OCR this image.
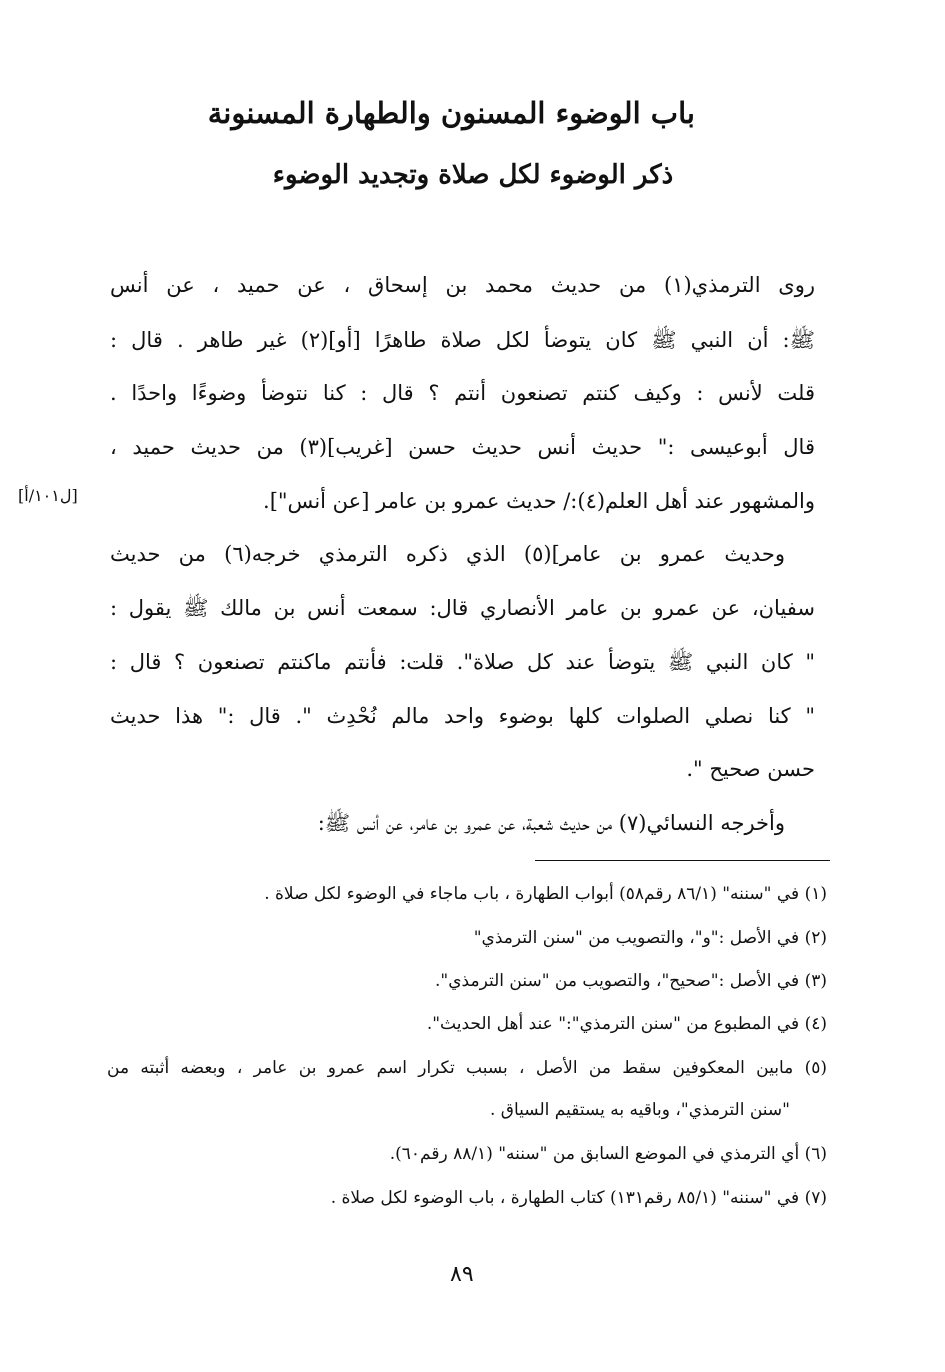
باب الوضوء المسنون والطهارة المسنونة
ذكر الوضوء لكل صلاة وتجديد الوضوء
روى الترمذي(١) من حديث محمد بن إسحاق ، عن حميد ، عن أنس
ﷺ: أن النبي ﷺ كان يتوضأ لكل صلاة طاهرًا [أو](٢) غير طاهر . قال :
قلت لأنس : وكيف كنتم تصنعون أنتم ؟ قال : كنا نتوضأ وضوءًا واحدًا .
قال أبوعيسى :" حديث أنس حديث حسن [غريب](٣) من حديث حميد ،
والمشهور عند أهل العلم(٤):/ حديث عمرو بن عامر [عن أنس"].
وحديث عمرو بن عامر](٥) الذي ذكره الترمذي خرجه(٦) من حديث
سفيان، عن عمرو بن عامر الأنصاري قال: سمعت أنس بن مالك ﷺ يقول :
" كان النبي ﷺ يتوضأ عند كل صلاة". قلت: فأنتم ماكنتم تصنعون ؟ قال :
" كنا نصلي الصلوات كلها بوضوء واحد مالم نُحْدِث ". قال :" هذا حديث
حسن صحيح ".
وأخرجه النسائي(٧) من حديث شعبة، عن عمرو بن عامر، عن أنس ﷺ:
[ل١٠١/أ]
(١) في "سننه" (٨٦/١ رقم٥٨) أبواب الطهارة ، باب ماجاء في الوضوء لكل صلاة .
(٢) في الأصل :"و"، والتصويب من "سنن الترمذي"
(٣) في الأصل :"صحيح"، والتصويب من "سنن الترمذي".
(٤) في المطبوع من "سنن الترمذي":" عند أهل الحديث".
(٥) مابين المعكوفين سقط من الأصل ، بسبب تكرار اسم عمرو بن عامر ، وبعضه أثبته من
"سنن الترمذي"، وباقيه به يستقيم السياق .
(٦) أي الترمذي في الموضع السابق من "سننه" (٨٨/١ رقم٦٠).
(٧) في "سننه" (٨٥/١ رقم١٣١) كتاب الطهارة ، باب الوضوء لكل صلاة .
٨٩
